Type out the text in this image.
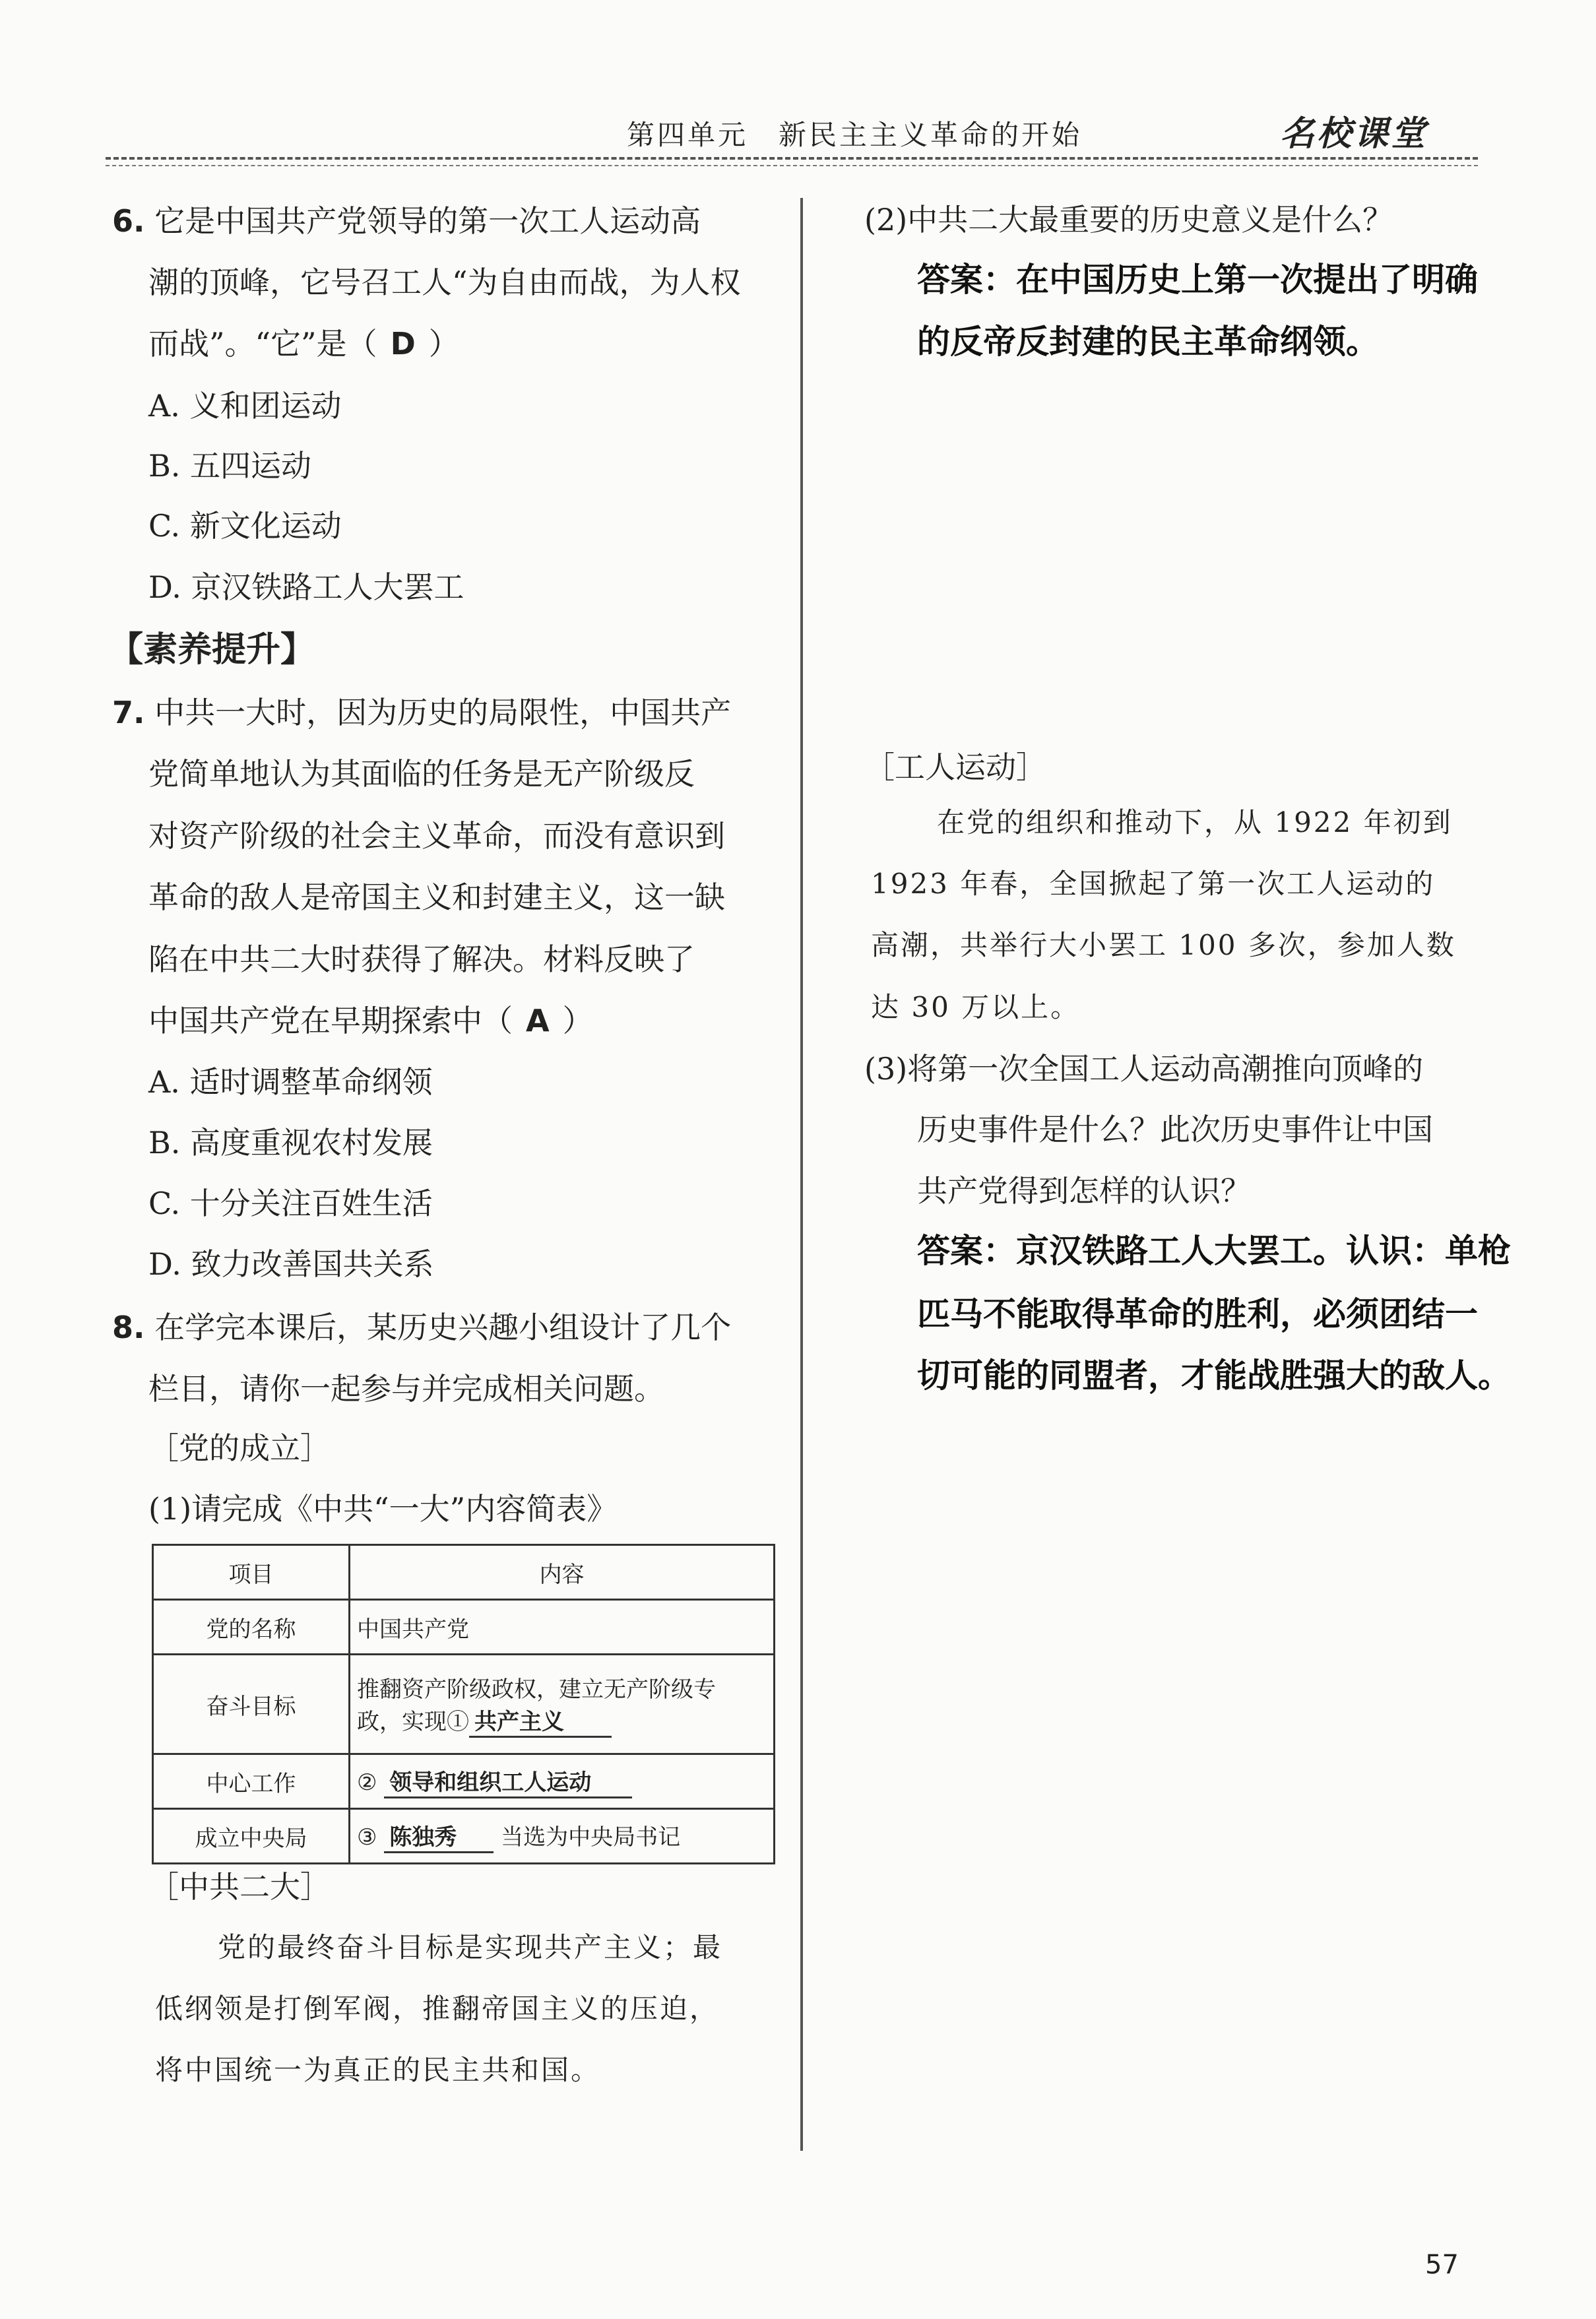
第四单元　新民主主义革命的开始	名校课堂
6. 它是中国共产党领导的第一次工人运动高
潮的顶峰，它号召工人“为自由而战，为人权
而战”。“它”是（ D ）
A. 义和团运动
B. 五四运动
C. 新文化运动
D. 京汉铁路工人大罢工
【素养提升】
7. 中共一大时，因为历史的局限性，中国共产
党简单地认为其面临的任务是无产阶级反
对资产阶级的社会主义革命，而没有意识到
革命的敌人是帝国主义和封建主义，这一缺
陷在中共二大时获得了解决。材料反映了
中国共产党在早期探索中（ A ）
A. 适时调整革命纲领
B. 高度重视农村发展
C. 十分关注百姓生活
D. 致力改善国共关系
8. 在学完本课后，某历史兴趣小组设计了几个
栏目，请你一起参与并完成相关问题。
［党的成立］
(1)请完成《中共“一大”内容简表》
项目	内容
党的名称	中国共产党
奋斗目标	推翻资产阶级政权，建立无产阶级专
政，实现① 共产主义

中心工作	② 领导和组织工人运动
成立中央局	③ 陈独秀 当选为中央局书记
［中共二大］
党的最终奋斗目标是实现共产主义；最
低纲领是打倒军阀，推翻帝国主义的压迫，
将中国统一为真正的民主共和国。
(2)中共二大最重要的历史意义是什么？
答案：在中国历史上第一次提出了明确
的反帝反封建的民主革命纲领。
［工人运动］
在党的组织和推动下，从 1922 年初到
1923 年春，全国掀起了第一次工人运动的
高潮，共举行大小罢工 100 多次，参加人数
达 30 万以上。
(3)将第一次全国工人运动高潮推向顶峰的
历史事件是什么？此次历史事件让中国
共产党得到怎样的认识？
答案：京汉铁路工人大罢工。认识：单枪
匹马不能取得革命的胜利，必须团结一
切可能的同盟者，才能战胜强大的敌人。
57
